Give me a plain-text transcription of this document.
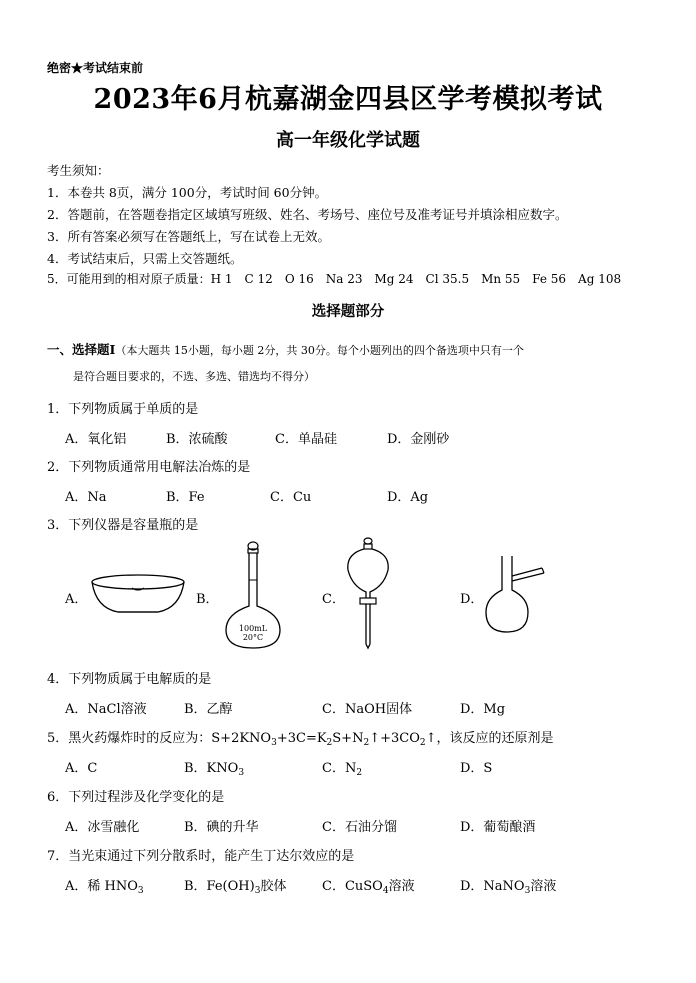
绝密★考试结束前
2023年6月杭嘉湖金四县区学考模拟考试
高一年级化学试题
考生须知：
1．本卷共 8页，满分 100分，考试时间 60分钟。
2．答题前，在答题卷指定区域填写班级、姓名、考场号、座位号及准考证号并填涂相应数字。
3．所有答案必须写在答题纸上，写在试卷上无效。
4．考试结束后，只需上交答题纸。
5．可能用到的相对原子质量：H 1　C 12　O 16　Na 23　Mg 24　Cl 35.5　Mn 55　Fe 56　Ag 108
选择题部分
一、选择题Ⅰ（本大题共 15小题，每小题 2分，共 30分。每个小题列出的四个备选项中只有一个
是符合题目要求的，不选、多选、错选均不得分）
1．下列物质属于单质的是
A．氧化铝	B．浓硫酸	C．单晶硅	D．金刚砂
2．下列物质通常用电解法冶炼的是
A．Na	B．Fe	C．Cu	D．Ag
3．下列仪器是容量瓶的是
A．	B．	C．	D．
100mL
20°C
4．下列物质属于电解质的是
A．NaCl溶液	B．乙醇	C．NaOH固体	D．Mg
5．黑火药爆炸时的反应为：$S+2KNO_3+3C=K_2S+N_2↑+3CO_2↑$，该反应的还原剂是
A．C	B．$KNO_3$	C．$N_2$	D．S
6．下列过程涉及化学变化的是
A．冰雪融化	B．碘的升华	C．石油分馏	D．葡萄酿酒
7．当光束通过下列分散系时，能产生丁达尔效应的是
A．稀 $HNO_3$	B．$Fe(OH)_3$胶体	C．CuSO$_4$溶液	D．NaNO$_3$溶液
